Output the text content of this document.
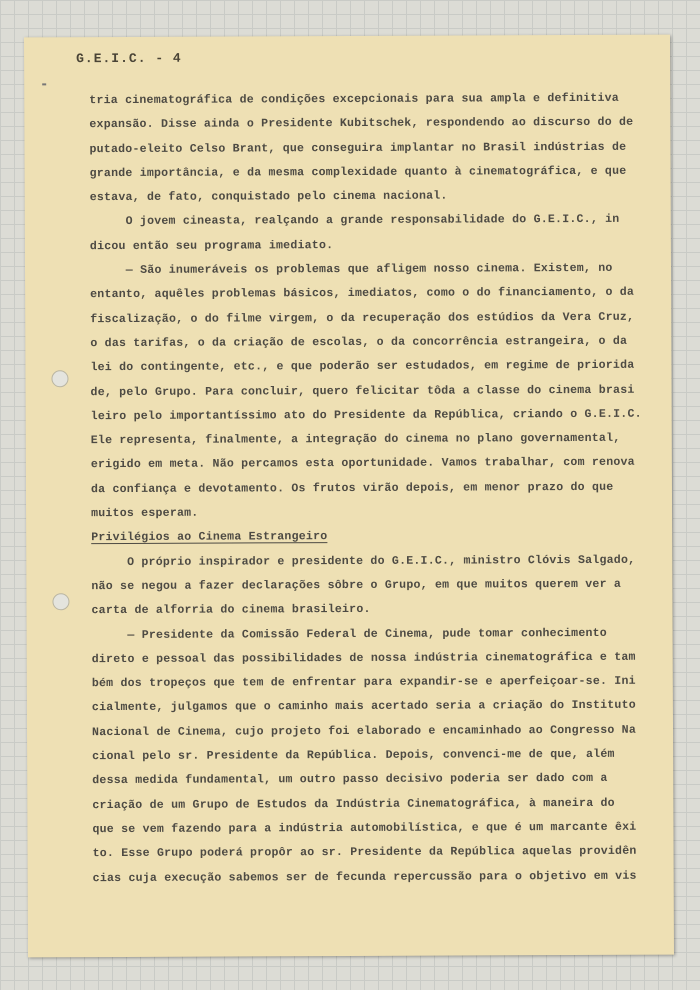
G.E.I.C. - 4
tria cinematográfica de condições excepcionais para sua ampla e definitiva
expansão. Disse ainda o Presidente Kubitschek, respondendo ao discurso do de
putado-eleito Celso Brant, que conseguira implantar no Brasil indústrias de
grande importância, e da mesma complexidade quanto à cinematográfica, e que
estava, de fato, conquistado pelo cinema nacional.
O jovem cineasta, realçando a grande responsabilidade do G.E.I.C., in
dicou então seu programa imediato.
— São inumeráveis os problemas que afligem nosso cinema. Existem, no
entanto, aquêles problemas básicos, imediatos, como o do financiamento, o da
fiscalização, o do filme virgem, o da recuperação dos estúdios da Vera Cruz,
o das tarifas, o da criação de escolas, o da concorrência estrangeira, o da
lei do contingente, etc., e que poderão ser estudados, em regime de priorida
de, pelo Grupo. Para concluir, quero felicitar tôda a classe do cinema brasi
leiro pelo importantíssimo ato do Presidente da República, criando o G.E.I.C.
Ele representa, finalmente, a integração do cinema no plano governamental,
erigido em meta. Não percamos esta oportunidade. Vamos trabalhar, com renova
da confiança e devotamento. Os frutos virão depois, em menor prazo do que
muitos esperam.
Privilégios ao Cinema Estrangeiro
O próprio inspirador e presidente do G.E.I.C., ministro Clóvis Salgado,
não se negou a fazer declarações sôbre o Grupo, em que muitos querem ver a
carta de alforria do cinema brasileiro.
— Presidente da Comissão Federal de Cinema, pude tomar conhecimento
direto e pessoal das possibilidades de nossa indústria cinematográfica e tam
bém dos tropeços que tem de enfrentar para expandir-se e aperfeiçoar-se. Ini
cialmente, julgamos que o caminho mais acertado seria a criação do Instituto
Nacional de Cinema, cujo projeto foi elaborado e encaminhado ao Congresso Na
cional pelo sr. Presidente da República. Depois, convenci-me de que, além
dessa medida fundamental, um outro passo decisivo poderia ser dado com a
criação de um Grupo de Estudos da Indústria Cinematográfica, à maneira do
que se vem fazendo para a indústria automobilística, e que é um marcante êxi
to. Esse Grupo poderá propôr ao sr. Presidente da República aquelas providên
cias cuja execução sabemos ser de fecunda repercussão para o objetivo em vis
